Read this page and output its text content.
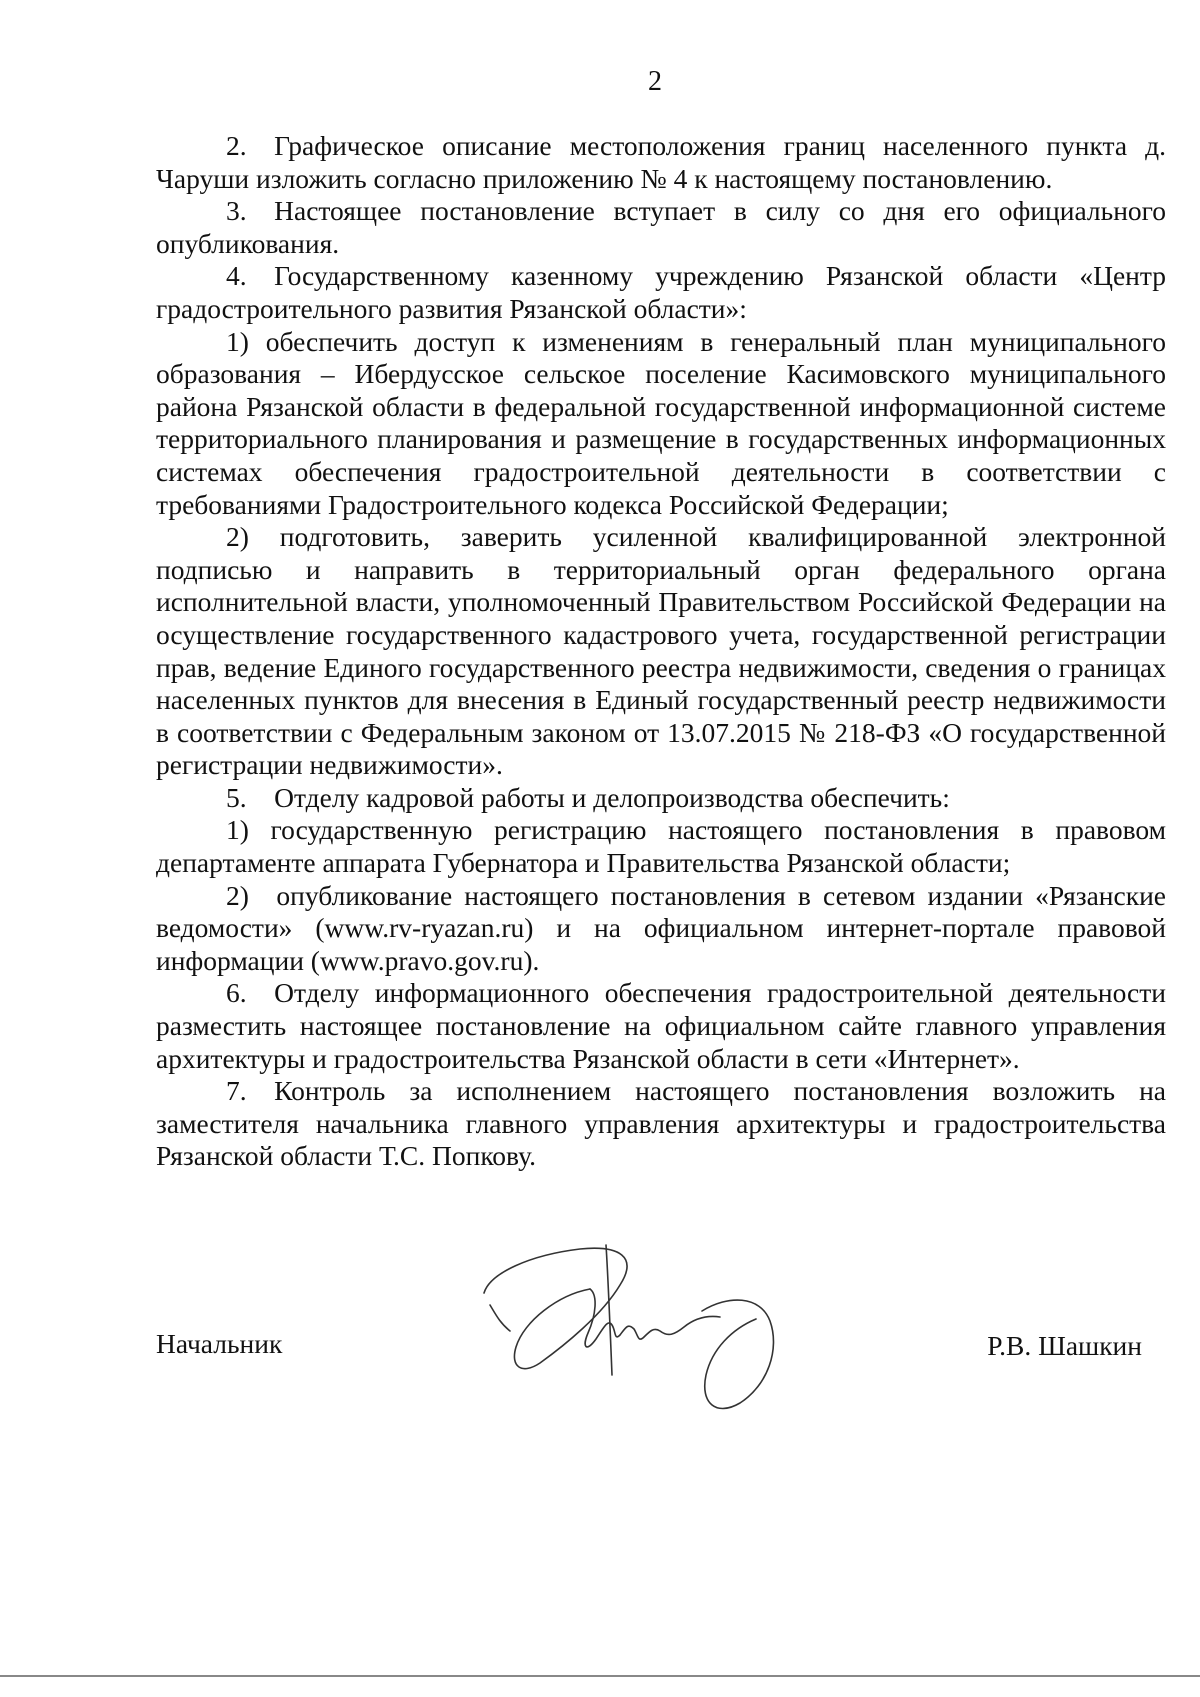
2

2. Графическое описание местоположения границ населенного пункта д. Чаруши изложить согласно приложению № 4 к настоящему постановлению.

3. Настоящее постановление вступает в силу со дня его официального опубликования.

4. Государственному казенному учреждению Рязанской области «Центр градостроительного развития Рязанской области»:

1) обеспечить доступ к изменениям в генеральный план муниципального образования – Ибердусское сельское поселение Касимовского муниципального района Рязанской области в федеральной государственной информационной системе территориального планирования и размещение в государственных информационных системах обеспечения градостроительной деятельности в соответствии с требованиями Градостроительного кодекса Российской Федерации;

2) подготовить, заверить усиленной квалифицированной электронной подписью и направить в территориальный орган федерального органа исполнительной власти, уполномоченный Правительством Российской Федерации на осуществление государственного кадастрового учета, государственной регистрации прав, ведение Единого государственного реестра недвижимости, сведения о границах населенных пунктов для внесения в Единый государственный реестр недвижимости в соответствии с Федеральным законом от 13.07.2015 № 218-ФЗ «О государственной регистрации недвижимости».

5. Отделу кадровой работы и делопроизводства обеспечить:

1) государственную регистрацию настоящего постановления в правовом департаменте аппарата Губернатора и Правительства Рязанской области;

2) опубликование настоящего постановления в сетевом издании «Рязанские ведомости» (www.rv-ryazan.ru) и на официальном интернет-портале правовой информации (www.pravo.gov.ru).

6. Отделу информационного обеспечения градостроительной деятельности разместить настоящее постановление на официальном сайте главного управления архитектуры и градостроительства Рязанской области в сети «Интернет».

7. Контроль за исполнением настоящего постановления возложить на заместителя начальника главного управления архитектуры и градостроительства Рязанской области Т.С. Попкову.

Начальник	Р.В. Шашкин
